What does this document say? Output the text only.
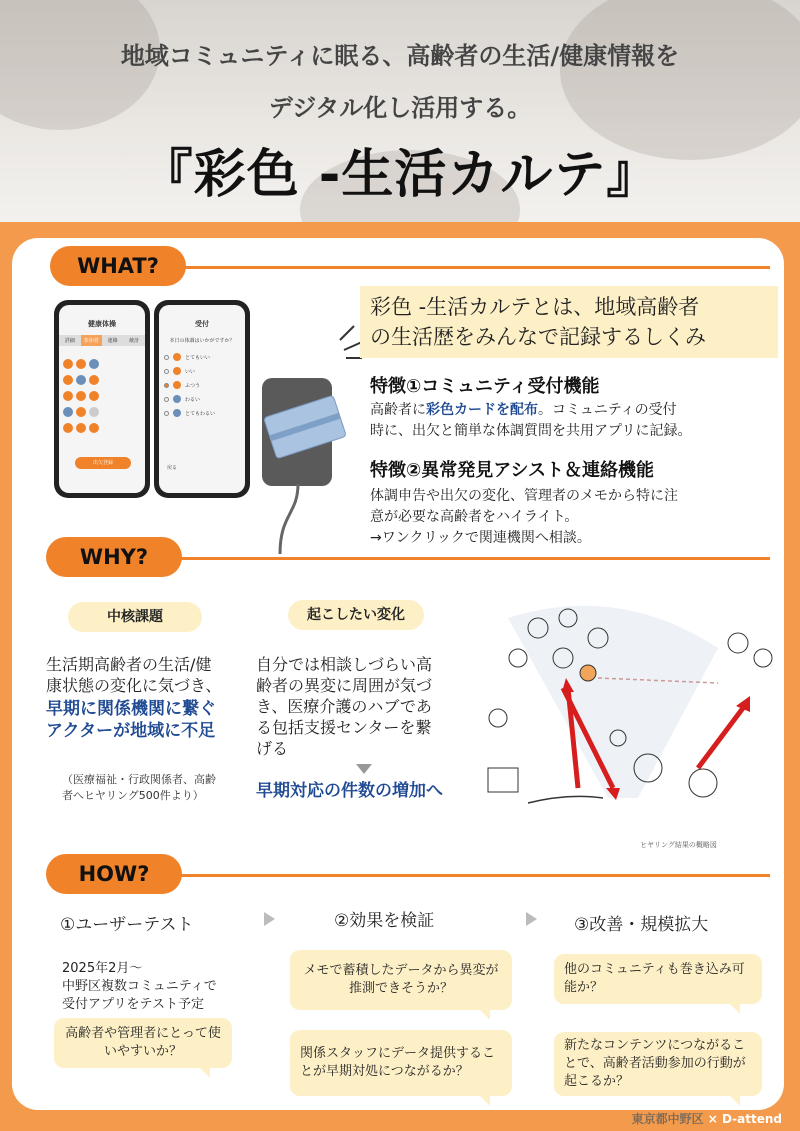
地域コミュニティに眠る、高齢者の生活/健康情報を
デジタル化し活用する。
『彩色 -生活カルテ』
WHAT?
健康体操
詳細	参加者	連絡	統計
出欠登録
受付
本日の体調はいかがですか？
とてもいい
いい
ふつう
わるい
とてもわるい
戻る
彩色 -生活カルテとは、地域高齢者
の生活歴をみんなで記録するしくみ
特徴①コミュニティ受付機能
高齢者に彩色カードを配布。コミュニティの受付
時に、出欠と簡単な体調質問を共用アプリに記録。
特徴②異常発見アシスト＆連絡機能
体調申告や出欠の変化、管理者のメモから特に注
意が必要な高齢者をハイライト。
→ワンクリックで関連機関へ相談。
WHY?
中核課題
生活期高齢者の生活/健
康状態の変化に気づき、
早期に関係機関に繋ぐ
アクターが地域に不足
（医療福祉・行政関係者、高齢
者へヒヤリング500件より）
起こしたい変化
自分では相談しづらい高
齢者の異変に周囲が気づ
き、医療介護のハブであ
る包括支援センターを繋
げる
早期対応の件数の増加へ
ヒヤリング結果の概略図
HOW?
①ユーザーテスト	②効果を検証	③改善・規模拡大
2025年2月〜
中野区複数コミュニティで
受付アプリをテスト予定
高齢者や管理者にとって使いやすいか？
メモで蓄積したデータから異変が推測できそうか？
関係スタッフにデータ提供することが早期対処につながるか？
他のコミュニティも巻き込み可能か？
新たなコンテンツにつながることで、高齢者活動参加の行動が起こるか？
東京都中野区 × D-attend
